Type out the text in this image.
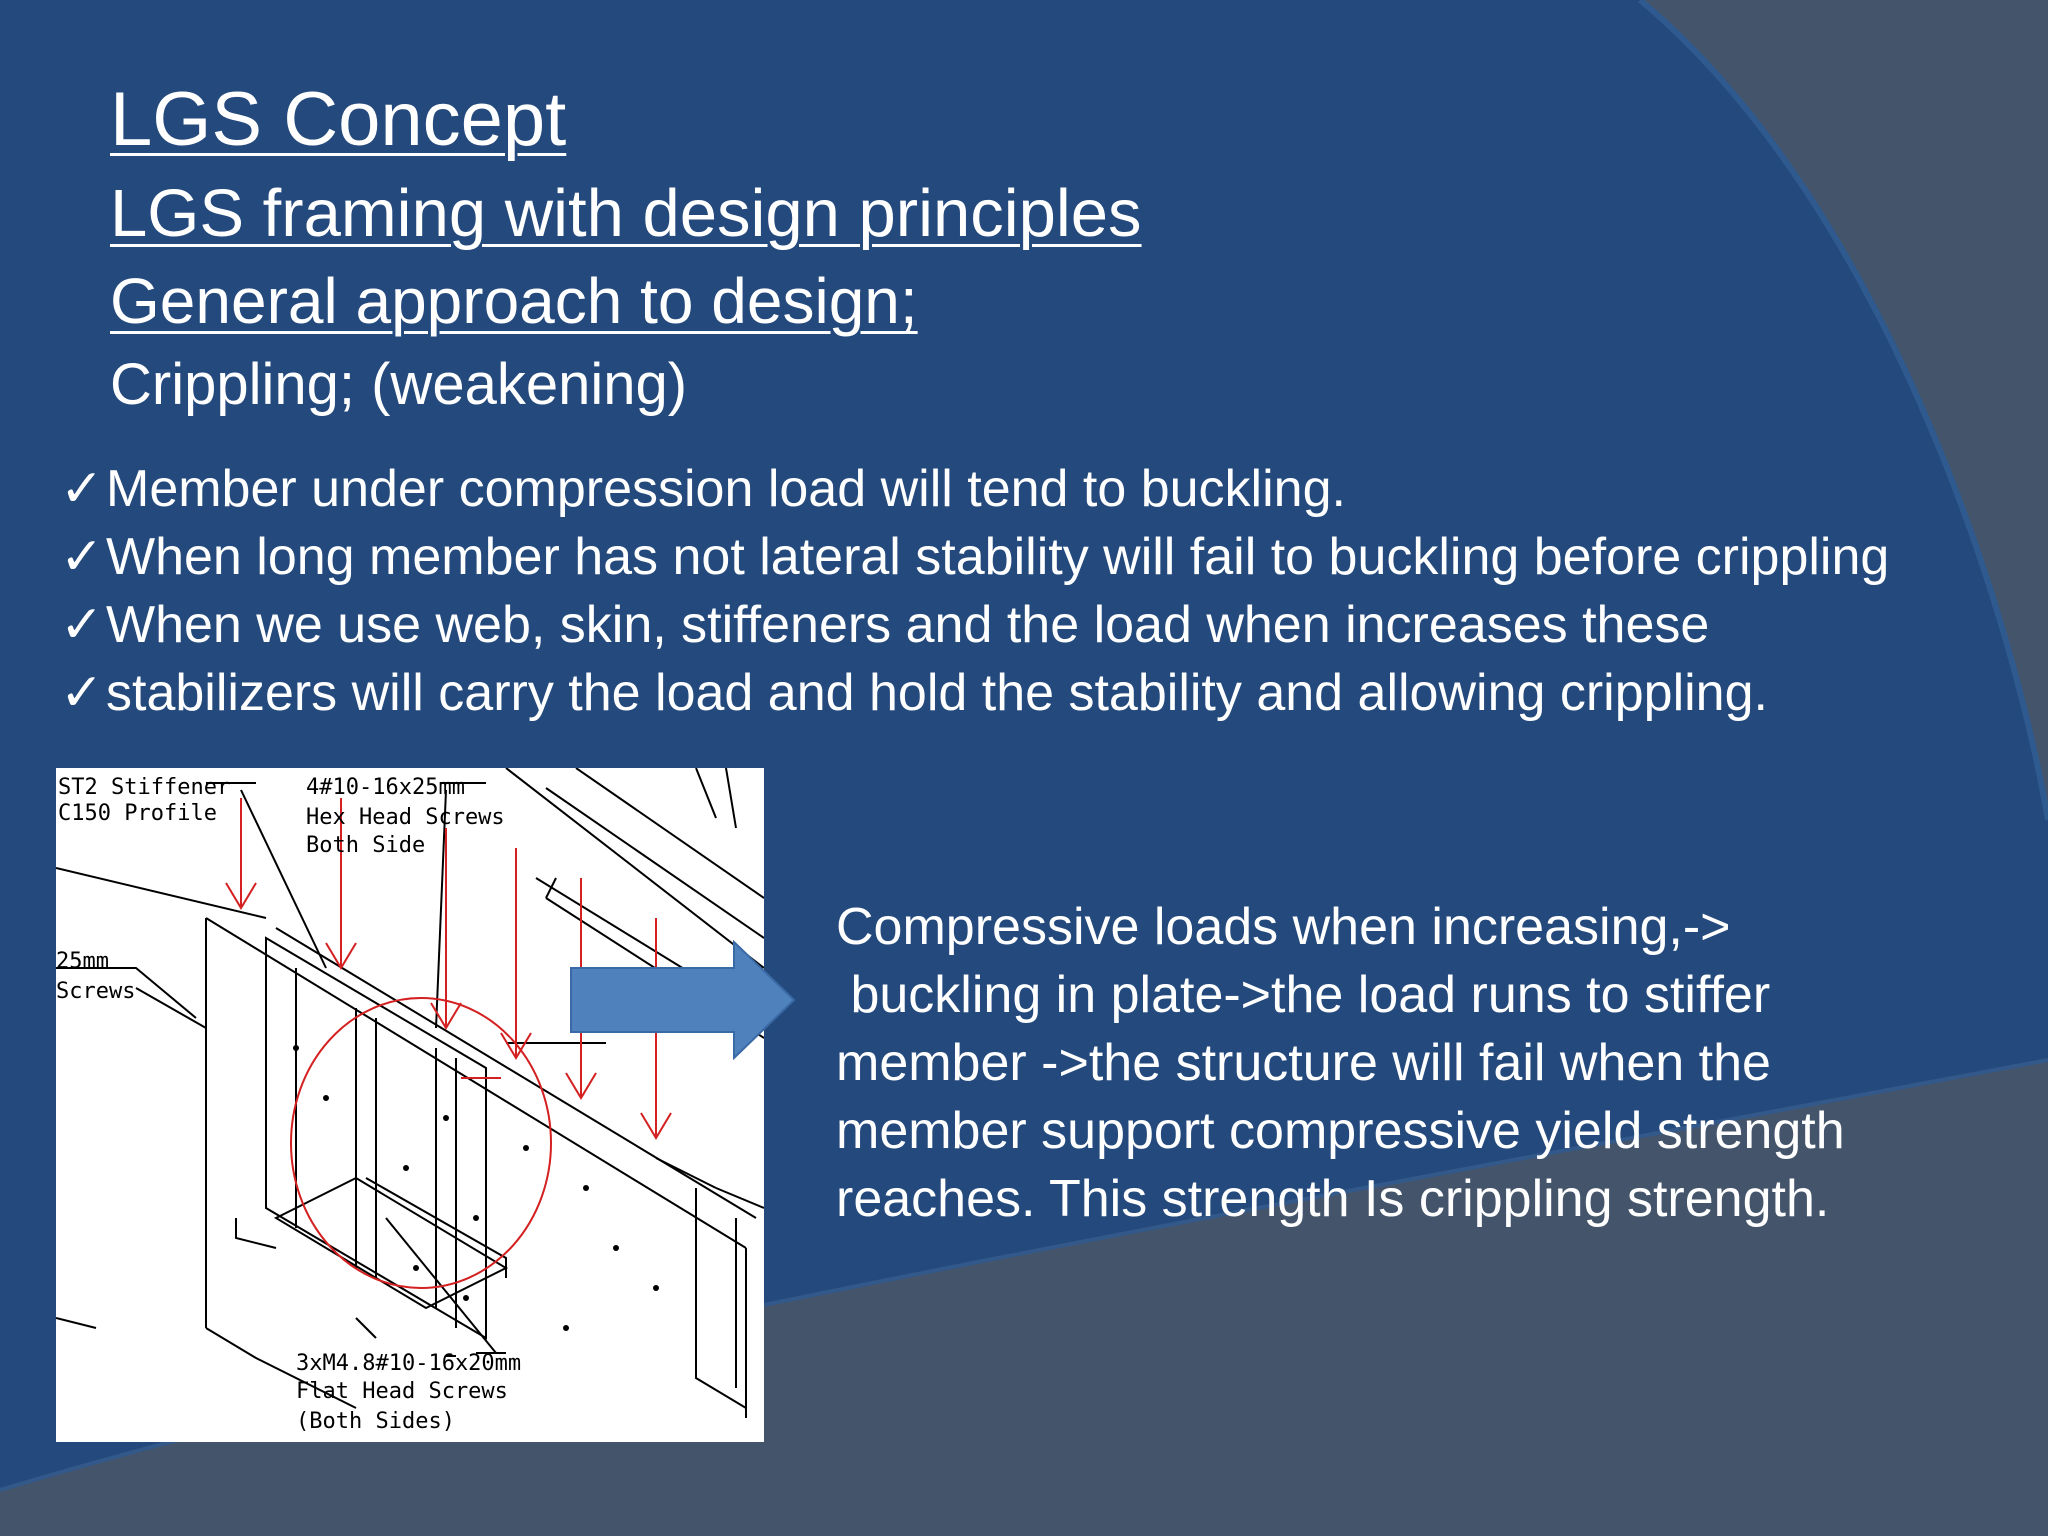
LGS Concept
LGS framing with design principles
General approach to design;
Crippling; (weakening)
✓Member under compression load will tend to buckling.
✓When long member has not lateral stability will fail to buckling before crippling
✓When we use web, skin, stiffeners and the load when increases these
✓stabilizers will carry the load and hold the stability and allowing crippling.
ST2 Stiffener
C150 Profile
4#10-16x25mm
Hex Head Screws
Both Side
25mm
Screws
3xM4.8#10-16x20mm
Flat Head Screws
(Both Sides)
Compressive loads when increasing,->
buckling in plate->the load runs to stiffer
member ->the structure will fail when the
member support compressive yield strength
reaches. This strength Is crippling strength.
